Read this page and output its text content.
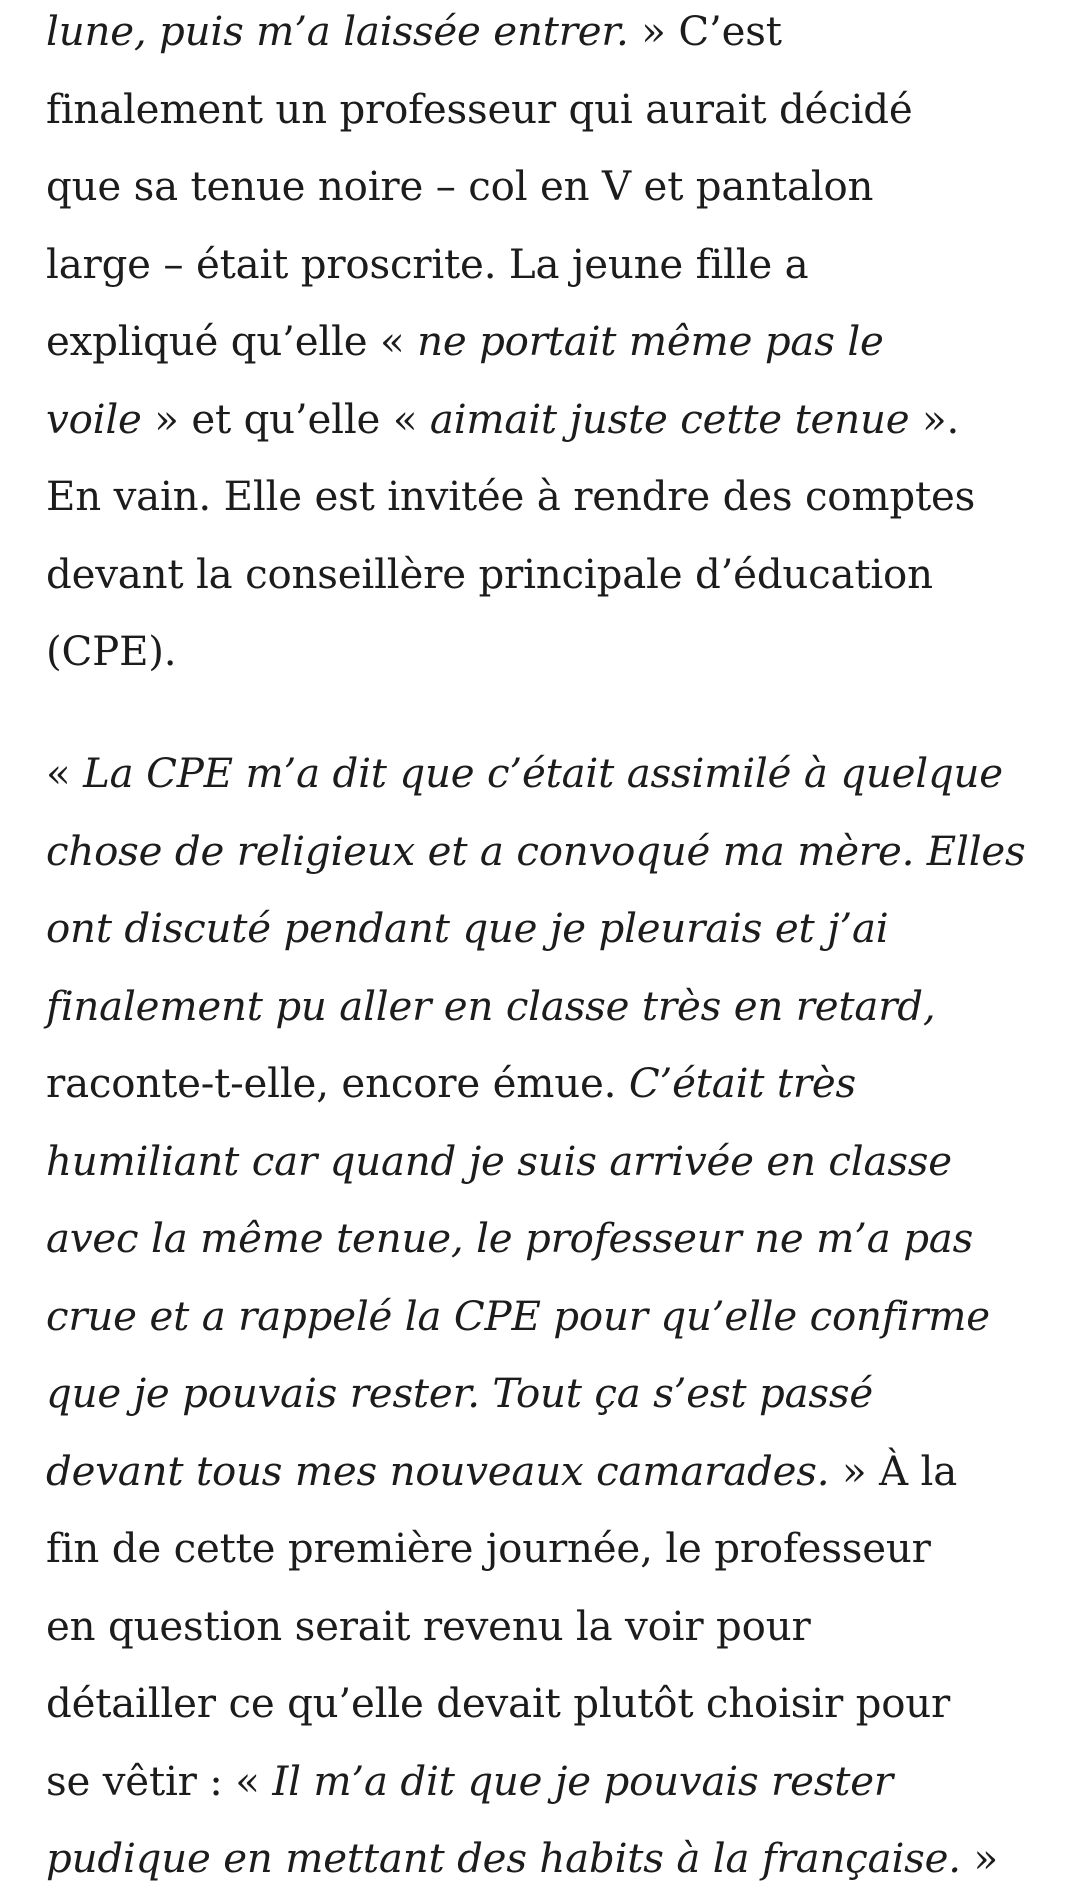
lune, puis m’a laissée entrer. » C’est
finalement un professeur qui aurait décidé
que sa tenue noire – col en V et pantalon
large – était proscrite. La jeune fille a
expliqué qu’elle « ne portait même pas le
voile » et qu’elle « aimait juste cette tenue ».
En vain. Elle est invitée à rendre des comptes
devant la conseillère principale d’éducation
(CPE).
« La CPE m’a dit que c’était assimilé à quelque
chose de religieux et a convoqué ma mère. Elles
ont discuté pendant que je pleurais et j’ai
finalement pu aller en classe très en retard,
raconte-t-elle, encore émue. C’était très
humiliant car quand je suis arrivée en classe
avec la même tenue, le professeur ne m’a pas
crue et a rappelé la CPE pour qu’elle confirme
que je pouvais rester. Tout ça s’est passé
devant tous mes nouveaux camarades. » À la
fin de cette première journée, le professeur
en question serait revenu la voir pour
détailler ce qu’elle devait plutôt choisir pour
se vêtir : « Il m’a dit que je pouvais rester
pudique en mettant des habits à la française. »
